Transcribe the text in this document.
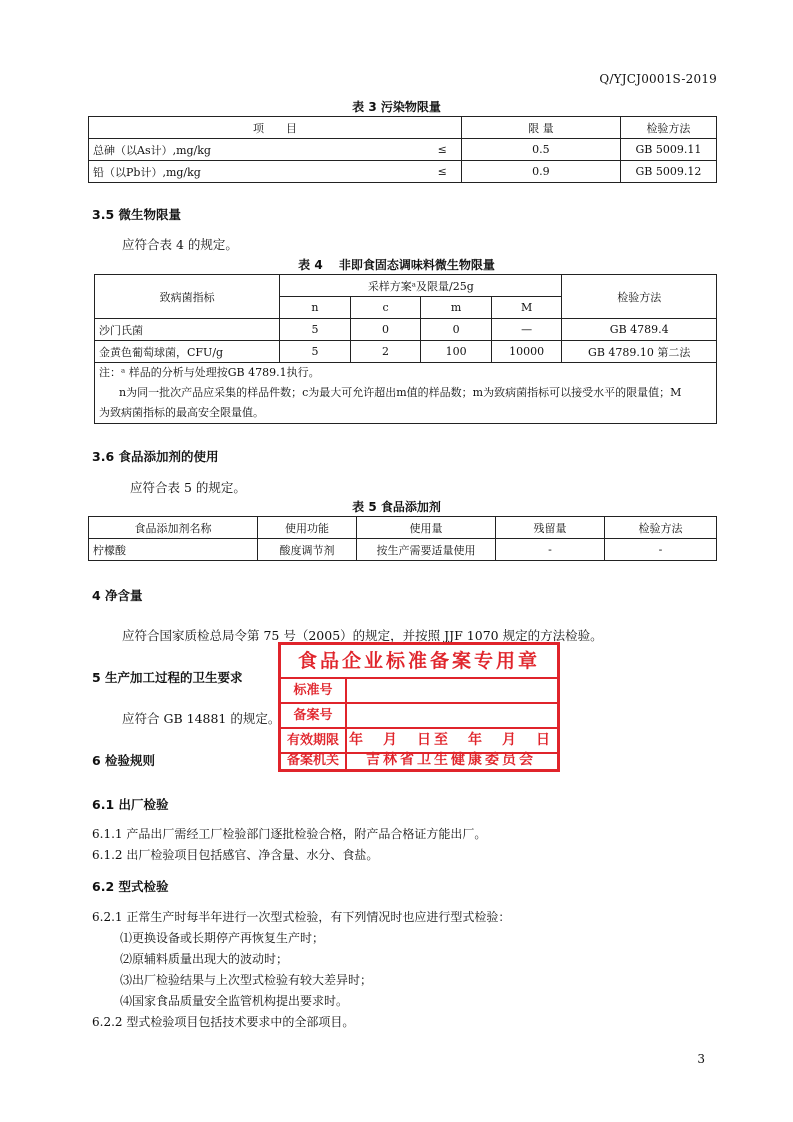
Q/YJCJ0001S-2019
表 3 污染物限量
项　　目		限 量	检验方法
总砷（以As计）,mg/kg	≤	0.5	GB 5009.11
铅（以Pb计）,mg/kg	≤	0.9	GB 5009.12
3.5 微生物限量
应符合表 4 的规定。
表 4　 非即食固态调味料微生物限量
致病菌指标	采样方案ᵃ及限量/25g				检验方法
	n	c	m	M	
沙门氏菌	5	0	0	—	GB 4789.4
金黄色葡萄球菌，CFU/g	5	2	100	10000	GB 4789.10 第二法

注：ᵃ 样品的分析与处理按GB 4789.1执行。
n为同一批次产品应采集的样品件数；c为最大可允许超出m值的样品数；m为致病菌指标可以接受水平的限量值；M
为致病菌指标的最高安全限量值。					
3.6 食品添加剂的使用
应符合表 5 的规定。
表 5 食品添加剂
食品添加剂名称	使用功能	使用量	残留量	检验方法
柠檬酸	酸度调节剂	按生产需要适量使用	-	-
4 净含量
应符合国家质检总局令第 75 号（2005）的规定，并按照 JJF 1070 规定的方法检验。
5 生产加工过程的卫生要求
应符合 GB 14881 的规定。
食品企业标准备案专用章
标准号
备案号
有效期限 年　月　日至　年　月　日
备案机关	吉林省卫生健康委员会
6 检验规则
6.1 出厂检验
6.1.1 产品出厂需经工厂检验部门逐批检验合格，附产品合格证方能出厂。
6.1.2 出厂检验项目包括感官、净含量、水分、食盐。
6.2 型式检验
6.2.1 正常生产时每半年进行一次型式检验，有下列情况时也应进行型式检验：
⑴更换设备或长期停产再恢复生产时；
⑵原辅料质量出现大的波动时；
⑶出厂检验结果与上次型式检验有较大差异时；
⑷国家食品质量安全监管机构提出要求时。
6.2.2 型式检验项目包括技术要求中的全部项目。
3
